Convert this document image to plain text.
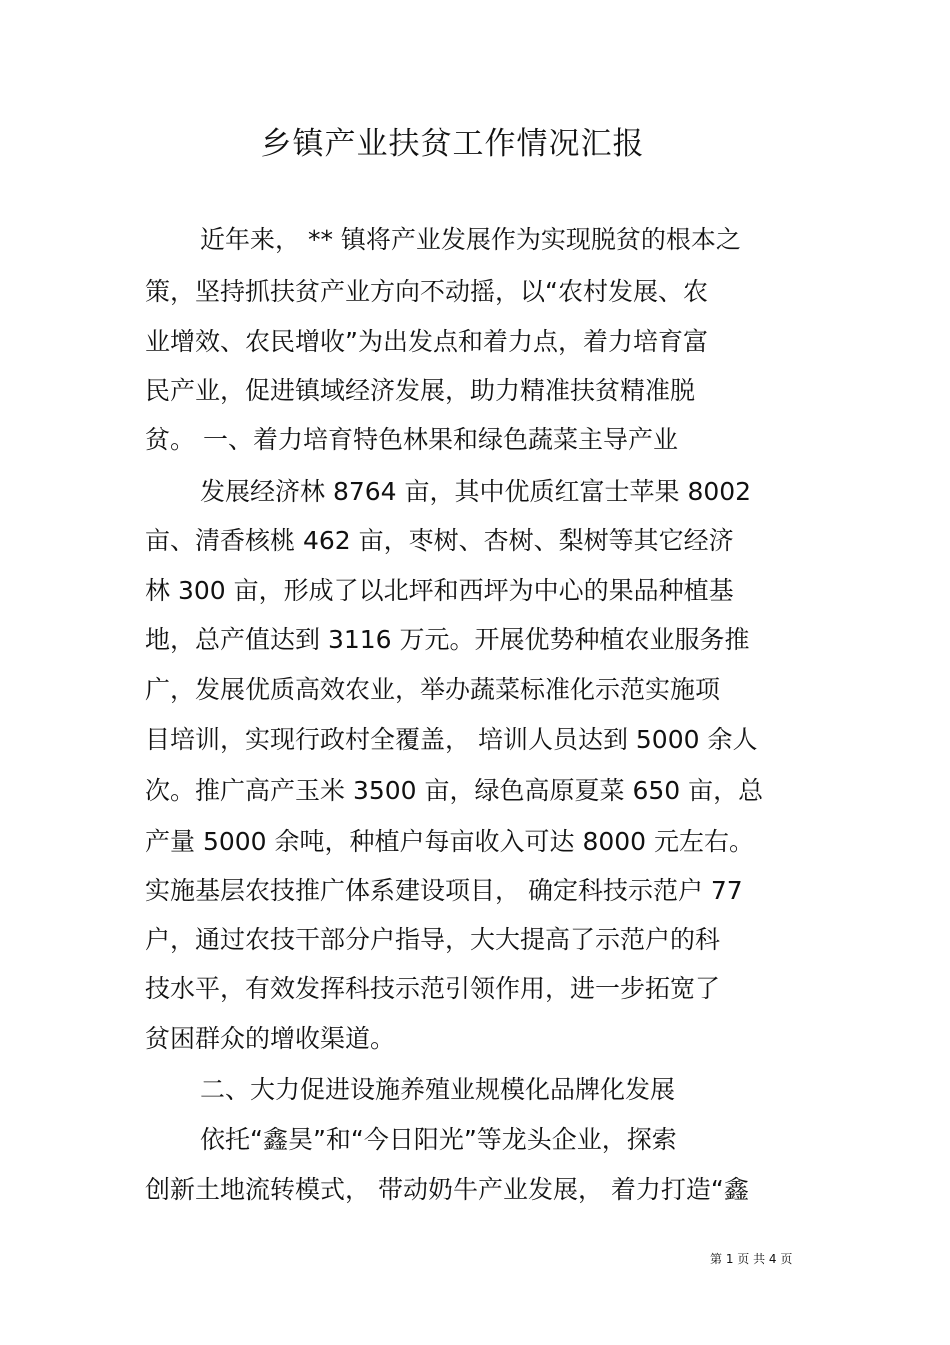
乡镇产业扶贫工作情况汇报
近年来， ** 镇将产业发展作为实现脱贫的根本之
策，坚持抓扶贫产业方向不动摇，以“农村发展、农
业增效、农民增收”为出发点和着力点，着力培育富
民产业，促进镇域经济发展，助力精准扶贫精准脱
贫。 一、着力培育特色林果和绿色蔬菜主导产业
发展经济林 8764 亩，其中优质红富士苹果 8002
亩、清香核桃 462 亩，枣树、杏树、梨树等其它经济
林 300 亩，形成了以北坪和西坪为中心的果品种植基
地，总产值达到 3116 万元。开展优势种植农业服务推
广，发展优质高效农业，举办蔬菜标准化示范实施项
目培训，实现行政村全覆盖， 培训人员达到 5000 余人
次。推广高产玉米 3500 亩，绿色高原夏菜 650 亩，总
产量 5000 余吨，种植户每亩收入可达 8000 元左右。
实施基层农技推广体系建设项目， 确定科技示范户 77
户，通过农技干部分户指导，大大提高了示范户的科
技水平，有效发挥科技示范引领作用，进一步拓宽了
贫困群众的增收渠道。
二、大力促进设施养殖业规模化品牌化发展
依托“鑫昊”和“今日阳光”等龙头企业，探索
创新土地流转模式， 带动奶牛产业发展， 着力打造“鑫
第 1 页 共 4 页
